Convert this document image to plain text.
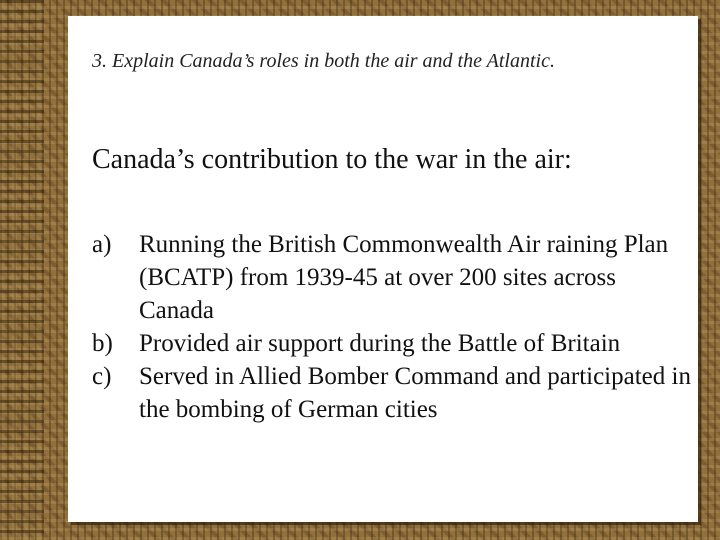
3. Explain Canada’s roles in both the air and the Atlantic.
Canada’s contribution to the war in the air:
a) Running the British Commonwealth Air raining Plan (BCATP) from 1939-45 at over 200 sites across Canada
b) Provided air support during the Battle of Britain
c) Served in Allied Bomber Command and participated in the bombing of German cities
